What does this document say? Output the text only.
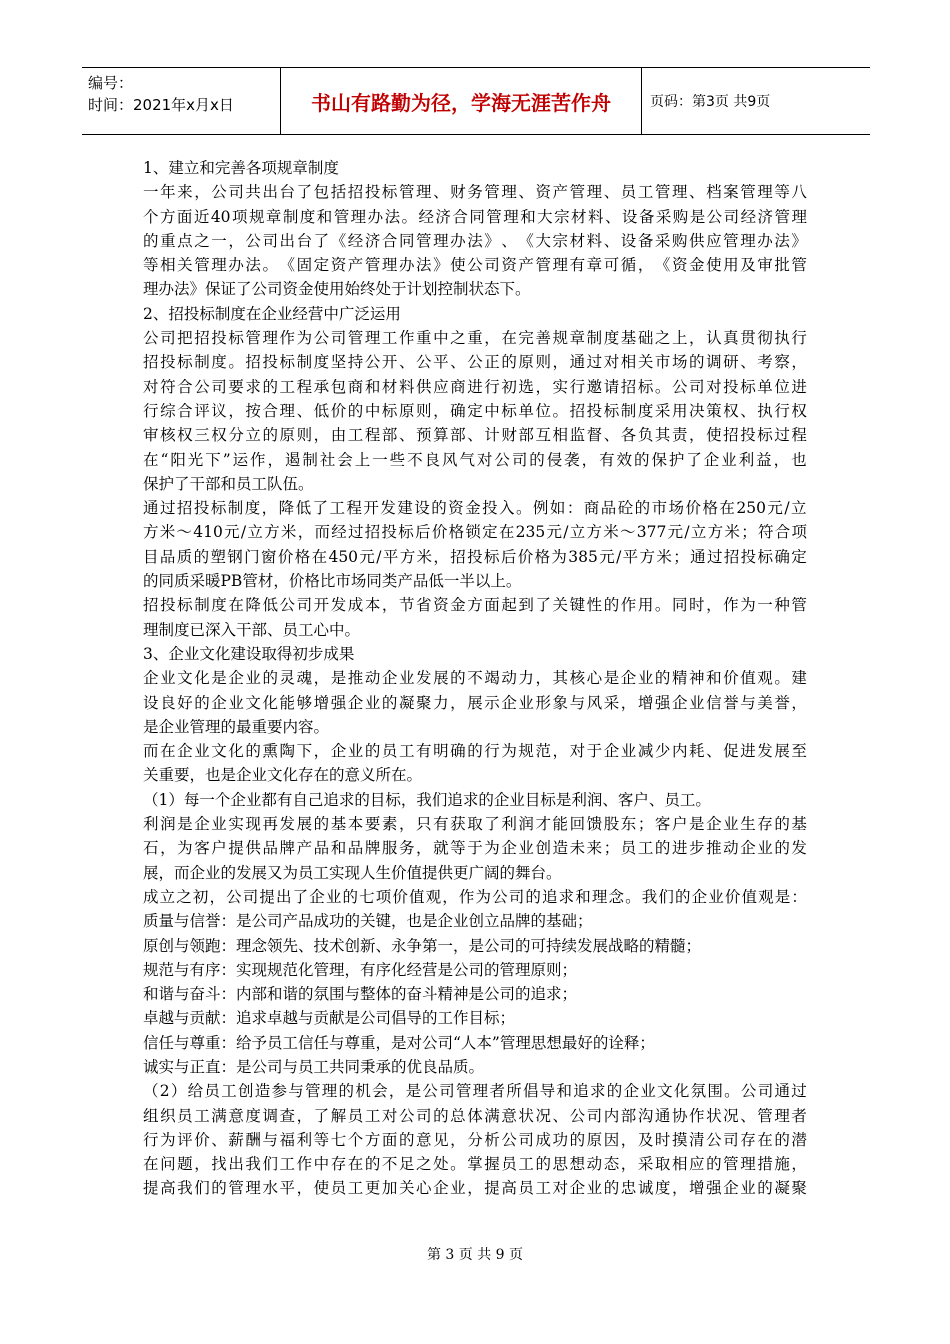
编号：
时间：2021年x月x日	书山有路勤为径，学海无涯苦作舟	页码：第3页 共9页
1、建立和完善各项规章制度
一 年 来 ， 公 司 共 出 台 了 包 括 招 投 标 管 理 、 财 务 管 理 、 资 产 管 理 、 员 工 管 理 、 档 案 管 理 等 八
个 方 面 近 40 项 规 章 制 度 和 管 理 办 法 。 经 济 合 同 管 理 和 大 宗 材 料 、 设 备 采 购 是 公 司 经 济 管 理
的 重 点 之 一 ， 公 司 出 台 了 《 经 济 合 同 管 理 办 法 》 、 《 大 宗 材 料 、 设 备 采 购 供 应 管 理 办 法 》
等 相 关 管 理 办 法 。 《 固 定 资 产 管 理 办 法 》 使 公 司 资 产 管 理 有 章 可 循 ， 《 资 金 使 用 及 审 批 管
理办法》保证了公司资金使用始终处于计划控制状态下。
2、招投标制度在企业经营中广泛运用
公 司 把 招 投 标 管 理 作 为 公 司 管 理 工 作 重 中 之 重 ， 在 完 善 规 章 制 度 基 础 之 上 ， 认 真 贯 彻 执 行
招 投 标 制 度 。 招 投 标 制 度 坚 持 公 开 、 公 平 、 公 正 的 原 则 ， 通 过 对 相 关 市 场 的 调 研 、 考 察 ，
对 符 合 公 司 要 求 的 工 程 承 包 商 和 材 料 供 应 商 进 行 初 选 ， 实 行 邀 请 招 标 。 公 司 对 投 标 单 位 进
行 综 合 评 议 ， 按 合 理 、 低 价 的 中 标 原 则 ， 确 定 中 标 单 位 。 招 投 标 制 度 采 用 决 策 权 、 执 行 权
审 核 权 三 权 分 立 的 原 则 ， 由 工 程 部 、 预 算 部 、 计 财 部 互 相 监 督 、 各 负 其 责 ， 使 招 投 标 过 程
在 “ 阳 光 下 ” 运 作 ， 遏 制 社 会 上 一 些 不 良 风 气 对 公 司 的 侵 袭 ， 有 效 的 保 护 了 企 业 利 益 ， 也
保护了干部和员工队伍。
通 过 招 投 标 制 度 ， 降 低 了 工 程 开 发 建 设 的 资 金 投 入 。 例 如 ： 商 品 砼 的 市 场 价 格 在 250 元 / 立
方 米 ～ 410 元 / 立 方 米 ， 而 经 过 招 投 标 后 价 格 锁 定 在 235 元 / 立 方 米 ～ 377 元 / 立 方 米 ； 符 合 项
目 品 质 的 塑 钢 门 窗 价 格 在 450 元 / 平 方 米 ， 招 投 标 后 价 格 为 385 元 / 平 方 米 ； 通 过 招 投 标 确 定
的同质采暖PB管材，价格比市场同类产品低一半以上。
招 投 标 制 度 在 降 低 公 司 开 发 成 本 ， 节 省 资 金 方 面 起 到 了 关 键 性 的 作 用 。 同 时 ， 作 为 一 种 管
理制度已深入干部、员工心中。
3、企业文化建设取得初步成果
企 业 文 化 是 企 业 的 灵 魂 ， 是 推 动 企 业 发 展 的 不 竭 动 力 ， 其 核 心 是 企 业 的 精 神 和 价 值 观 。 建
设 良 好 的 企 业 文 化 能 够 增 强 企 业 的 凝 聚 力 ， 展 示 企 业 形 象 与 风 采 ， 增 强 企 业 信 誉 与 美 誉 ，
是企业管理的最重要内容。
而 在 企 业 文 化 的 熏 陶 下 ， 企 业 的 员 工 有 明 确 的 行 为 规 范 ， 对 于 企 业 减 少 内 耗 、 促 进 发 展 至
关重要，也是企业文化存在的意义所在。
（1）每一个企业都有自己追求的目标，我们追求的企业目标是利润、客户、员工。
利 润 是 企 业 实 现 再 发 展 的 基 本 要 素 ， 只 有 获 取 了 利 润 才 能 回 馈 股 东 ； 客 户 是 企 业 生 存 的 基
石 ， 为 客 户 提 供 品 牌 产 品 和 品 牌 服 务 ， 就 等 于 为 企 业 创 造 未 来 ； 员 工 的 进 步 推 动 企 业 的 发
展，而企业的发展又为员工实现人生价值提供更广阔的舞台。
成 立 之 初 ， 公 司 提 出 了 企 业 的 七 项 价 值 观 ， 作 为 公 司 的 追 求 和 理 念 。 我 们 的 企 业 价 值 观 是 ：
质量与信誉：是公司产品成功的关键，也是企业创立品牌的基础；
原创与领跑：理念领先、技术创新、永争第一，是公司的可持续发展战略的精髓；
规范与有序：实现规范化管理，有序化经营是公司的管理原则；
和谐与奋斗：内部和谐的氛围与整体的奋斗精神是公司的追求；
卓越与贡献：追求卓越与贡献是公司倡导的工作目标；
信任与尊重：给予员工信任与尊重，是对公司“人本”管理思想最好的诠释；
诚实与正直：是公司与员工共同秉承的优良品质。
（ 2 ） 给 员 工 创 造 参 与 管 理 的 机 会 ， 是 公 司 管 理 者 所 倡 导 和 追 求 的 企 业 文 化 氛 围 。 公 司 通 过
组 织 员 工 满 意 度 调 查 ， 了 解 员 工 对 公 司 的 总 体 满 意 状 况 、 公 司 内 部 沟 通 协 作 状 况 、 管 理 者
行 为 评 价 、 薪 酬 与 福 利 等 七 个 方 面 的 意 见 ， 分 析 公 司 成 功 的 原 因 ， 及 时 摸 清 公 司 存 在 的 潜
在 问 题 ， 找 出 我 们 工 作 中 存 在 的 不 足 之 处 。 掌 握 员 工 的 思 想 动 态 ， 采 取 相 应 的 管 理 措 施 ，
提 高 我 们 的 管 理 水 平 ， 使 员 工 更 加 关 心 企 业 ， 提 高 员 工 对 企 业 的 忠 诚 度 ， 增 强 企 业 的 凝 聚
第 3 页 共 9 页
